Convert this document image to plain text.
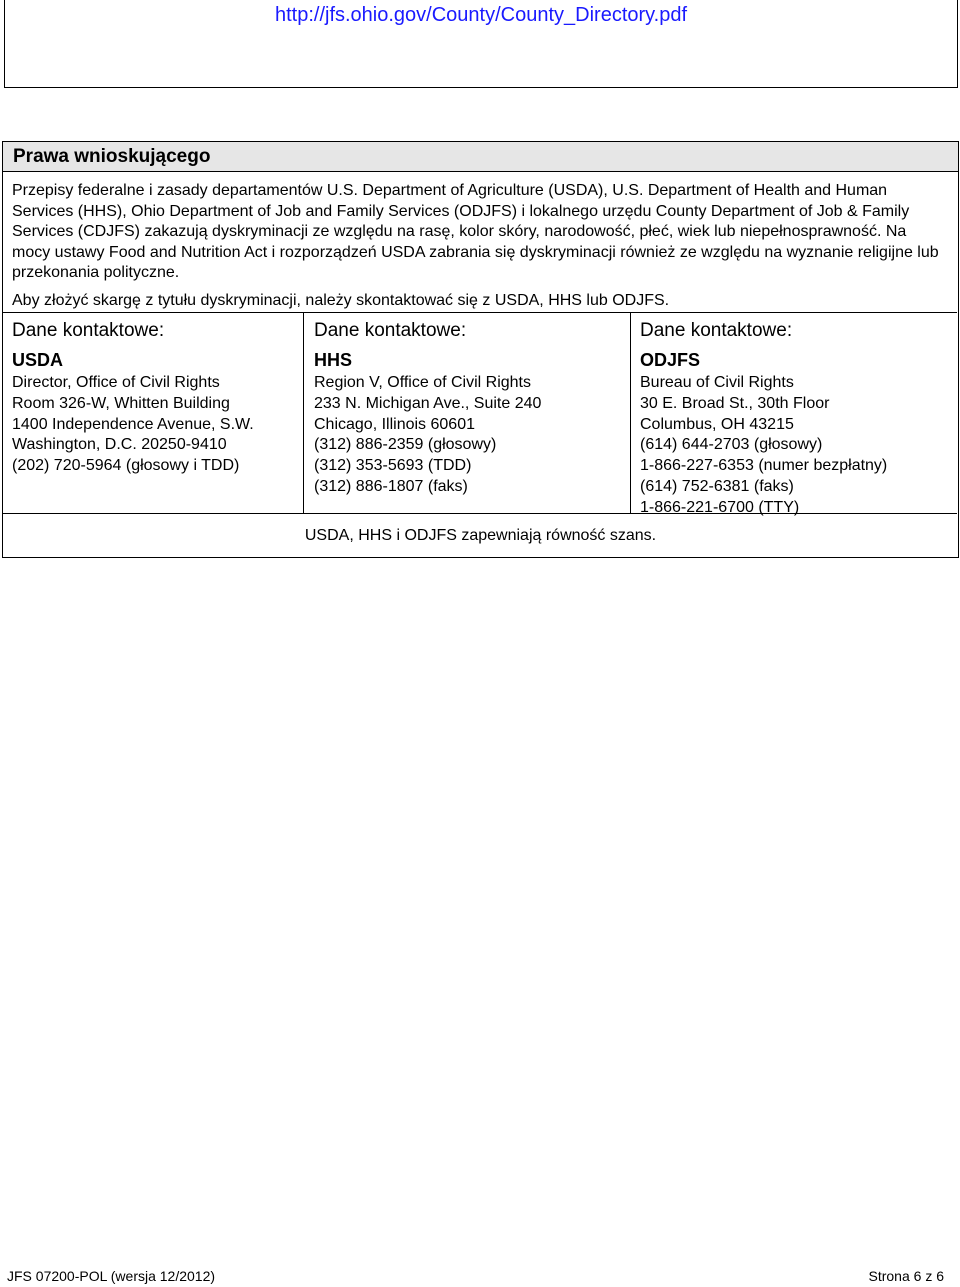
http://jfs.ohio.gov/County/County_Directory.pdf
Prawa wnioskującego

Przepisy federalne i zasady departamentów U.S. Department of Agriculture (USDA), U.S. Department of Health and Human Services (HHS), Ohio Department of Job and Family Services (ODJFS) i lokalnego urzędu County Department of Job & Family Services (CDJFS) zakazują dyskryminacji ze względu na rasę, kolor skóry, narodowość, płeć, wiek lub niepełnosprawność. Na mocy ustawy Food and Nutrition Act i rozporządzeń USDA zabrania się dyskryminacji również ze względu na wyznanie religijne lub przekonania polityczne.

Aby złożyć skargę z tytułu dyskryminacji, należy skontaktować się z USDA, HHS lub ODJFS.

Dane kontaktowe:
USDA
Director, Office of Civil Rights
Room 326-W, Whitten Building
1400 Independence Avenue, S.W.
Washington, D.C. 20250-9410
(202) 720-5964 (głosowy i TDD)
Dane kontaktowe:
HHS
Region V, Office of Civil Rights
233 N. Michigan Ave., Suite 240
Chicago, Illinois 60601
(312) 886-2359 (głosowy)
(312) 353-5693 (TDD)
(312) 886-1807 (faks)
Dane kontaktowe:
ODJFS
Bureau of Civil Rights
30 E. Broad St., 30th Floor
Columbus, OH 43215
(614) 644-2703 (głosowy)
1-866-227-6353 (numer bezpłatny)
(614) 752-6381 (faks)
1-866-221-6700 (TTY)
USDA, HHS i ODJFS zapewniają równość szans.
JFS 07200-POL (wersja 12/2012)	Strona 6 z 6
